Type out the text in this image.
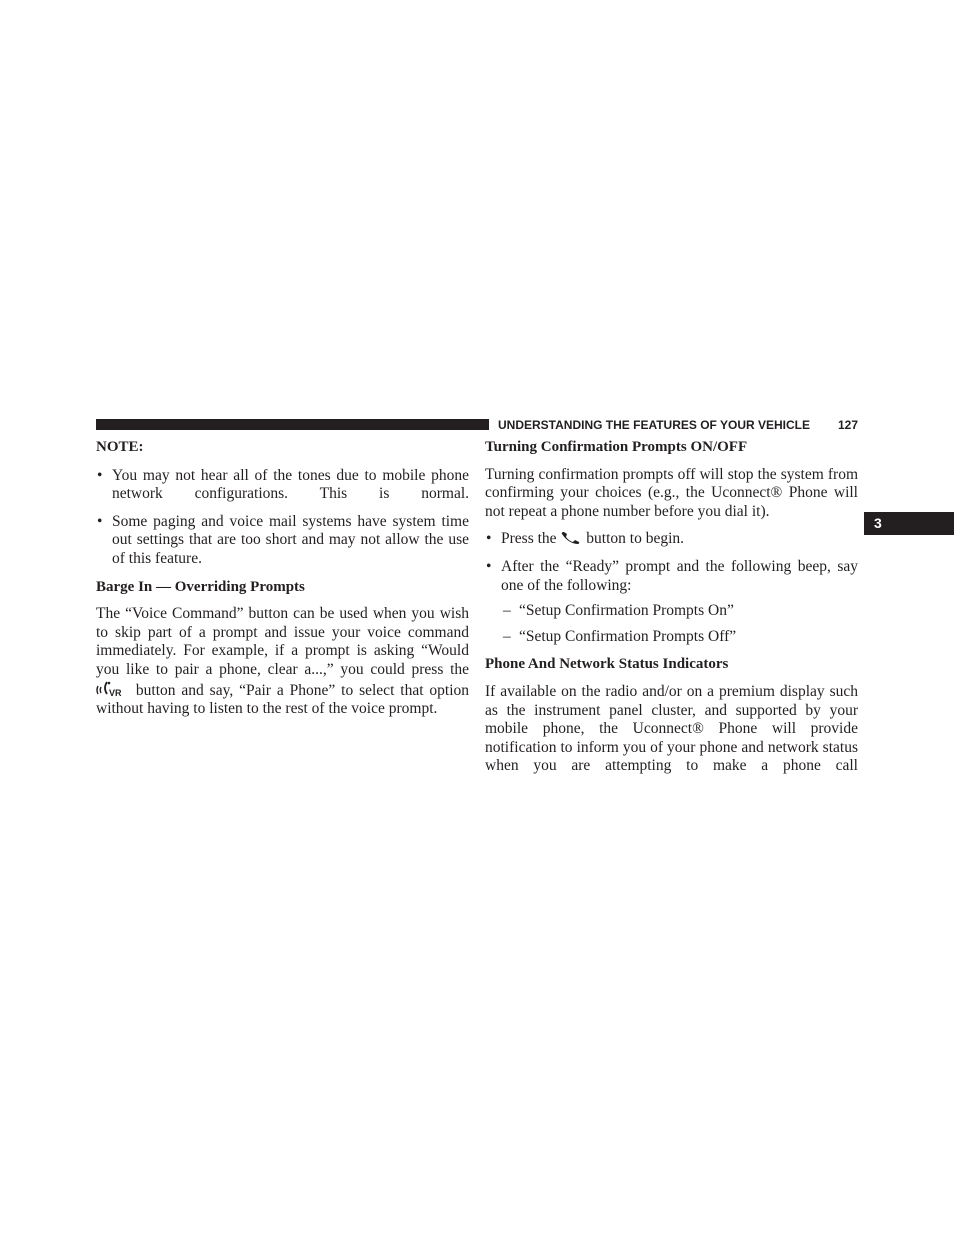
UNDERSTANDING THE FEATURES OF YOUR VEHICLE 127
3

NOTE:

• You may not hear all of the tones due to mobile phone network configurations. This is normal.
• Some paging and voice mail systems have system time out settings that are too short and may not allow the use of this feature.

Barge In — Overriding Prompts

The “Voice Command” button can be used when you wish to skip part of a prompt and issue your voice command immediately. For example, if a prompt is asking “Would you like to pair a phone, clear a...,” you could press the
VR button and say, “Pair a Phone” to select that option without having to listen to the rest of the voice prompt.

Turning Confirmation Prompts ON/OFF

Turning confirmation prompts off will stop the system from confirming your choices (e.g., the Uconnect® Phone will not repeat a phone number before you dial it).

• Press the button to begin.
• After the “Ready” prompt and the following beep, say one of the following:
– “Setup Confirmation Prompts On”
– “Setup Confirmation Prompts Off”

Phone And Network Status Indicators

If available on the radio and/or on a premium display such as the instrument panel cluster, and supported by your mobile phone, the Uconnect® Phone will provide notification to inform you of your phone and network status when you are attempting to make a phone call
